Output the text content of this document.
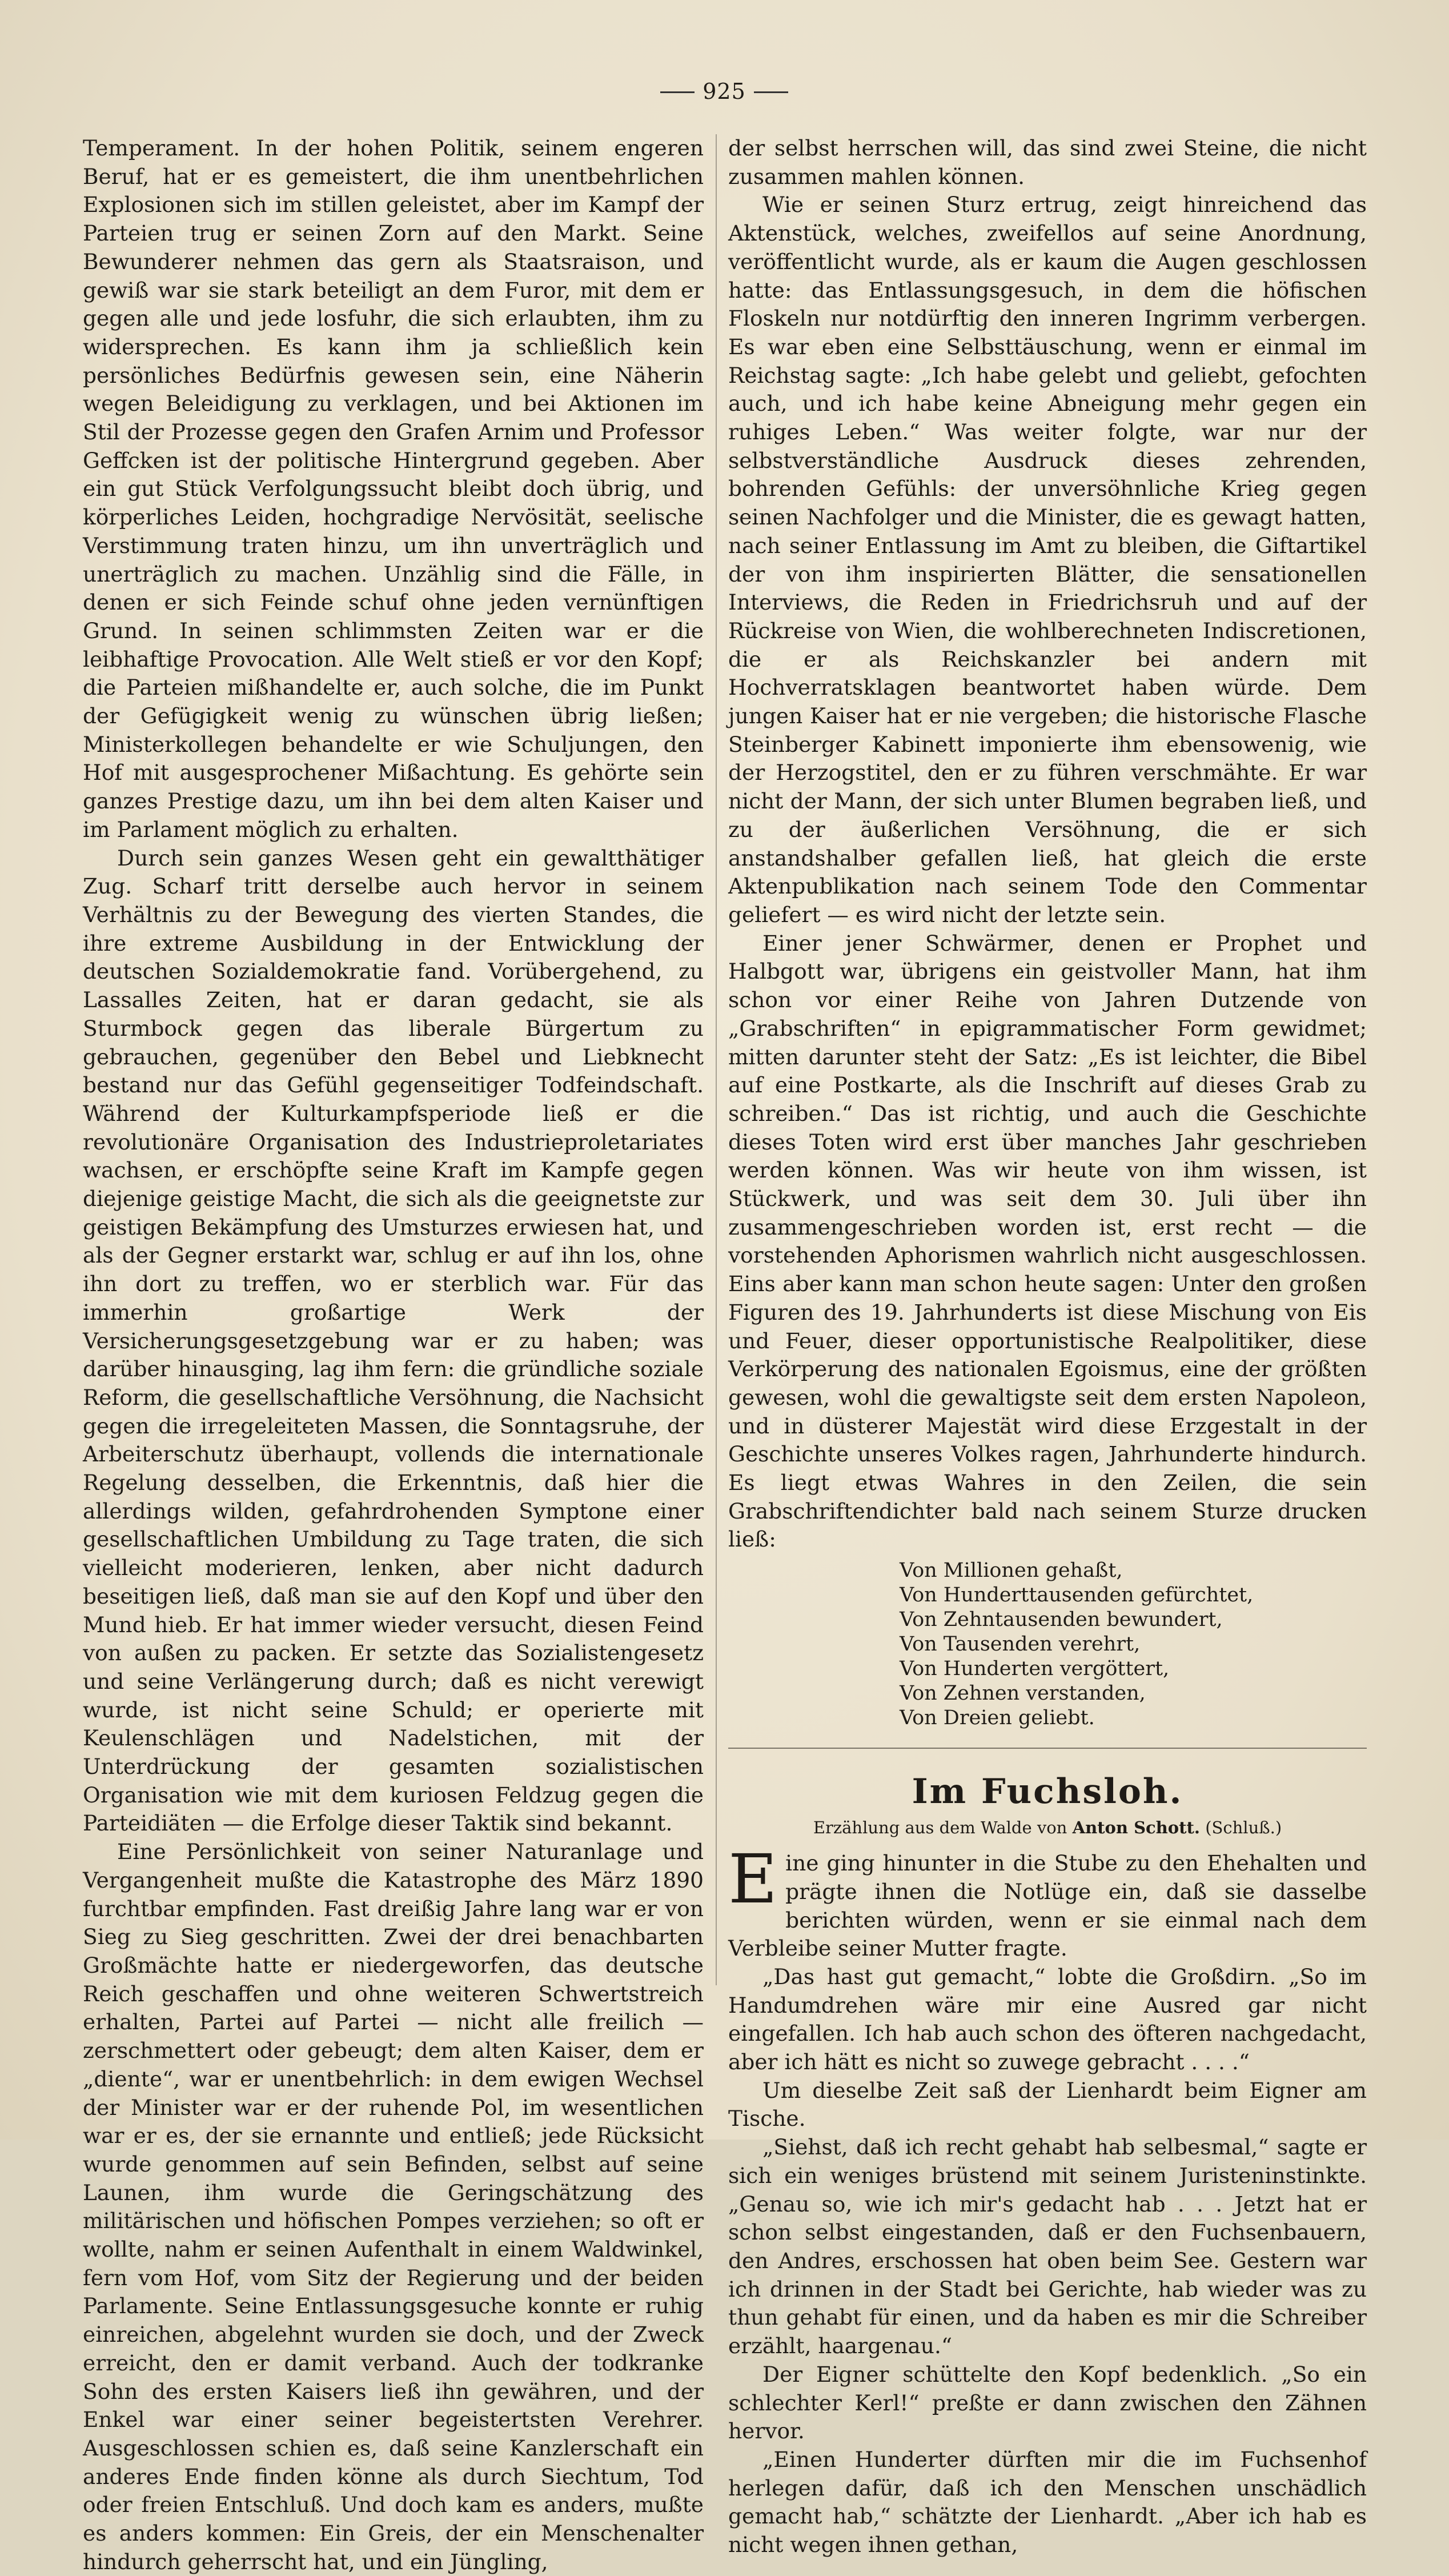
925

Temperament. In der hohen Politik, seinem engeren Beruf, hat er es gemeistert, die ihm unentbehrlichen Explosionen sich im stillen geleistet, aber im Kampf der Parteien trug er seinen Zorn auf den Markt. Seine Bewunderer nehmen das gern als Staatsraison, und gewiß war sie stark beteiligt an dem Furor, mit dem er gegen alle und jede losfuhr, die sich erlaubten, ihm zu widersprechen. Es kann ihm ja schließlich kein persönliches Bedürfnis gewesen sein, eine Näherin wegen Beleidigung zu verklagen, und bei Aktionen im Stil der Prozesse gegen den Grafen Arnim und Professor Geffcken ist der politische Hintergrund gegeben. Aber ein gut Stück Verfolgungssucht bleibt doch übrig, und körperliches Leiden, hochgradige Nervösität, seelische Verstimmung traten hinzu, um ihn unverträglich und unerträglich zu machen. Unzählig sind die Fälle, in denen er sich Feinde schuf ohne jeden vernünftigen Grund. In seinen schlimmsten Zeiten war er die leibhaftige Provocation. Alle Welt stieß er vor den Kopf; die Parteien mißhandelte er, auch solche, die im Punkt der Gefügigkeit wenig zu wünschen übrig ließen; Ministerkollegen behandelte er wie Schuljungen, den Hof mit ausgesprochener Mißachtung. Es gehörte sein ganzes Prestige dazu, um ihn bei dem alten Kaiser und im Parlament möglich zu erhalten.

Durch sein ganzes Wesen geht ein gewaltthätiger Zug. Scharf tritt derselbe auch hervor in seinem Verhältnis zu der Bewegung des vierten Standes, die ihre extreme Ausbildung in der Entwicklung der deutschen Sozialdemokratie fand. Vorübergehend, zu Lassalles Zeiten, hat er daran gedacht, sie als Sturmbock gegen das liberale Bürgertum zu gebrauchen, gegenüber den Bebel und Liebknecht bestand nur das Gefühl gegenseitiger Todfeindschaft. Während der Kulturkampfsperiode ließ er die revolutionäre Organisation des Industrieproletariates wachsen, er erschöpfte seine Kraft im Kampfe gegen diejenige geistige Macht, die sich als die geeignetste zur geistigen Bekämpfung des Umsturzes erwiesen hat, und als der Gegner erstarkt war, schlug er auf ihn los, ohne ihn dort zu treffen, wo er sterblich war. Für das immerhin großartige Werk der Versicherungsgesetzgebung war er zu haben; was darüber hinausging, lag ihm fern: die gründliche soziale Reform, die gesellschaftliche Versöhnung, die Nachsicht gegen die irregeleiteten Massen, die Sonntagsruhe, der Arbeiterschutz überhaupt, vollends die internationale Regelung desselben, die Erkenntnis, daß hier die allerdings wilden, gefahrdrohenden Symptone einer gesellschaftlichen Umbildung zu Tage traten, die sich vielleicht moderieren, lenken, aber nicht dadurch beseitigen ließ, daß man sie auf den Kopf und über den Mund hieb. Er hat immer wieder versucht, diesen Feind von außen zu packen. Er setzte das Sozialistengesetz und seine Verlängerung durch; daß es nicht verewigt wurde, ist nicht seine Schuld; er operierte mit Keulenschlägen und Nadelstichen, mit der Unterdrückung der gesamten sozialistischen Organisation wie mit dem kuriosen Feldzug gegen die Parteidiäten — die Erfolge dieser Taktik sind bekannt.

Eine Persönlichkeit von seiner Naturanlage und Vergangenheit mußte die Katastrophe des März 1890 furchtbar empfinden. Fast dreißig Jahre lang war er von Sieg zu Sieg geschritten. Zwei der drei benachbarten Großmächte hatte er niedergeworfen, das deutsche Reich geschaffen und ohne weiteren Schwertstreich erhalten, Partei auf Partei — nicht alle freilich — zerschmettert oder gebeugt; dem alten Kaiser, dem er „diente“, war er unentbehrlich: in dem ewigen Wechsel der Minister war er der ruhende Pol, im wesentlichen war er es, der sie ernannte und entließ; jede Rücksicht wurde genommen auf sein Befinden, selbst auf seine Launen, ihm wurde die Geringschätzung des militärischen und höfischen Pompes verziehen; so oft er wollte, nahm er seinen Aufenthalt in einem Waldwinkel, fern vom Hof, vom Sitz der Regierung und der beiden Parlamente. Seine Entlassungsgesuche konnte er ruhig einreichen, abgelehnt wurden sie doch, und der Zweck erreicht, den er damit verband. Auch der todkranke Sohn des ersten Kaisers ließ ihn gewähren, und der Enkel war einer seiner begeistertsten Verehrer. Ausgeschlossen schien es, daß seine Kanzlerschaft ein anderes Ende finden könne als durch Siechtum, Tod oder freien Entschluß. Und doch kam es anders, mußte es anders kommen: Ein Greis, der ein Menschenalter hindurch geherrscht hat, und ein Jüngling,

der selbst herrschen will, das sind zwei Steine, die nicht zusammen mahlen können.

Wie er seinen Sturz ertrug, zeigt hinreichend das Aktenstück, welches, zweifellos auf seine Anordnung, veröffentlicht wurde, als er kaum die Augen geschlossen hatte: das Entlassungsgesuch, in dem die höfischen Floskeln nur notdürftig den inneren Ingrimm verbergen. Es war eben eine Selbsttäuschung, wenn er einmal im Reichstag sagte: „Ich habe gelebt und geliebt, gefochten auch, und ich habe keine Abneigung mehr gegen ein ruhiges Leben.“ Was weiter folgte, war nur der selbstverständliche Ausdruck dieses zehrenden, bohrenden Gefühls: der unversöhnliche Krieg gegen seinen Nachfolger und die Minister, die es gewagt hatten, nach seiner Entlassung im Amt zu bleiben, die Giftartikel der von ihm inspirierten Blätter, die sensationellen Interviews, die Reden in Friedrichsruh und auf der Rückreise von Wien, die wohlberechneten Indiscretionen, die er als Reichskanzler bei andern mit Hochverratsklagen beantwortet haben würde. Dem jungen Kaiser hat er nie vergeben; die historische Flasche Steinberger Kabinett imponierte ihm ebensowenig, wie der Herzogstitel, den er zu führen verschmähte. Er war nicht der Mann, der sich unter Blumen begraben ließ, und zu der äußerlichen Versöhnung, die er sich anstandshalber gefallen ließ, hat gleich die erste Aktenpublikation nach seinem Tode den Commentar geliefert — es wird nicht der letzte sein.

Einer jener Schwärmer, denen er Prophet und Halbgott war, übrigens ein geistvoller Mann, hat ihm schon vor einer Reihe von Jahren Dutzende von „Grabschriften“ in epigrammatischer Form gewidmet; mitten darunter steht der Satz: „Es ist leichter, die Bibel auf eine Postkarte, als die Inschrift auf dieses Grab zu schreiben.“ Das ist richtig, und auch die Geschichte dieses Toten wird erst über manches Jahr geschrieben werden können. Was wir heute von ihm wissen, ist Stückwerk, und was seit dem 30. Juli über ihn zusammengeschrieben worden ist, erst recht — die vorstehenden Aphorismen wahrlich nicht ausgeschlossen. Eins aber kann man schon heute sagen: Unter den großen Figuren des 19. Jahrhunderts ist diese Mischung von Eis und Feuer, dieser opportunistische Realpolitiker, diese Verkörperung des nationalen Egoismus, eine der größten gewesen, wohl die gewaltigste seit dem ersten Napoleon, und in düsterer Majestät wird diese Erzgestalt in der Geschichte unseres Volkes ragen, Jahrhunderte hindurch. Es liegt etwas Wahres in den Zeilen, die sein Grabschriftendichter bald nach seinem Sturze drucken ließ:

Von Millionen gehaßt,
Von Hunderttausenden gefürchtet,
Von Zehntausenden bewundert,
Von Tausenden verehrt,
Von Hunderten vergöttert,
Von Zehnen verstanden,
Von Dreien geliebt.
Im Fuchsloh.
Erzählung aus dem Walde von Anton Schott. (Schluß.)

Eine ging hinunter in die Stube zu den Ehehalten und prägte ihnen die Notlüge ein, daß sie dasselbe berichten würden, wenn er sie einmal nach dem Verbleibe seiner Mutter fragte.

„Das hast gut gemacht,“ lobte die Großdirn. „So im Handumdrehen wäre mir eine Ausred gar nicht eingefallen. Ich hab auch schon des öfteren nachgedacht, aber ich hätt es nicht so zuwege gebracht . . . .“

Um dieselbe Zeit saß der Lienhardt beim Eigner am Tische.

„Siehst, daß ich recht gehabt hab selbesmal,“ sagte er sich ein weniges brüstend mit seinem Juristeninstinkte. „Genau so, wie ich mir's gedacht hab . . . Jetzt hat er schon selbst eingestanden, daß er den Fuchsenbauern, den Andres, erschossen hat oben beim See. Gestern war ich drinnen in der Stadt bei Gerichte, hab wieder was zu thun gehabt für einen, und da haben es mir die Schreiber erzählt, haargenau.“

Der Eigner schüttelte den Kopf bedenklich. „So ein schlechter Kerl!“ preßte er dann zwischen den Zähnen hervor.

„Einen Hunderter dürften mir die im Fuchsenhof herlegen dafür, daß ich den Menschen unschädlich gemacht hab,“ schätzte der Lienhardt. „Aber ich hab es nicht wegen ihnen gethan,
